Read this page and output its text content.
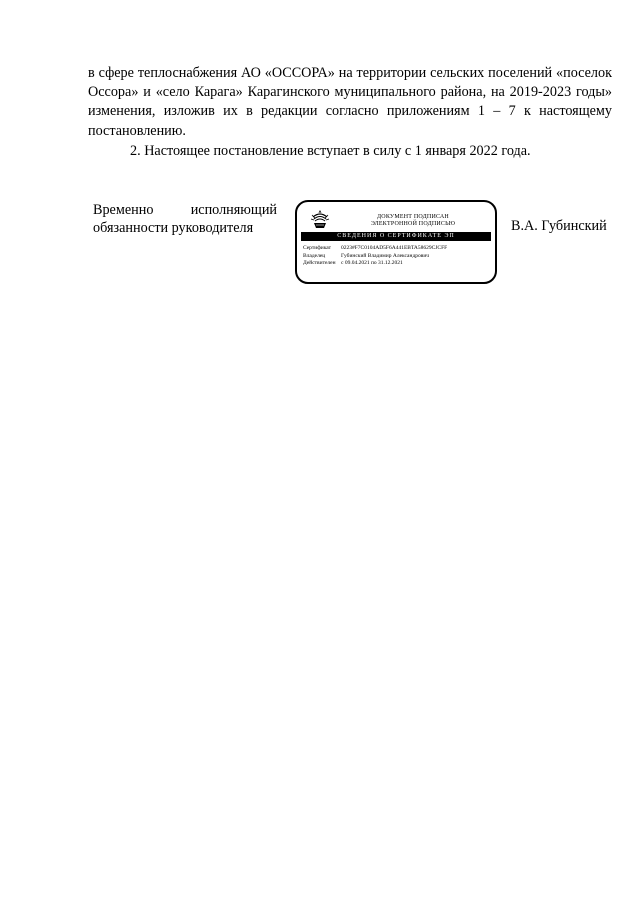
в сфере теплоснабжения АО «ОССОРА» на территории сельских поселений «поселок Оссора» и «село Карага» Карагинского муниципального района, на 2019-2023 годы» изменения, изложив их в редакции согласно приложениям 1 – 7 к настоящему постановлению.

2. Настоящее постановление вступает в силу с 1 января 2022 года.

Временно	исполняющий
обязанности руководителя
ДОКУМЕНТ ПОДПИСАН
ЭЛЕКТРОННОЙ ПОДПИСЬЮ
СВЕДЕНИЯ О СЕРТИФИКАТЕ ЭП
Сертификат	0223#F7C0104AD5F6A441EBTA58629CJCFF
Владелец	Губинский Владимир Александрович
Действителен с 09.04.2021 по 31.12.2021
В.А. Губинский
